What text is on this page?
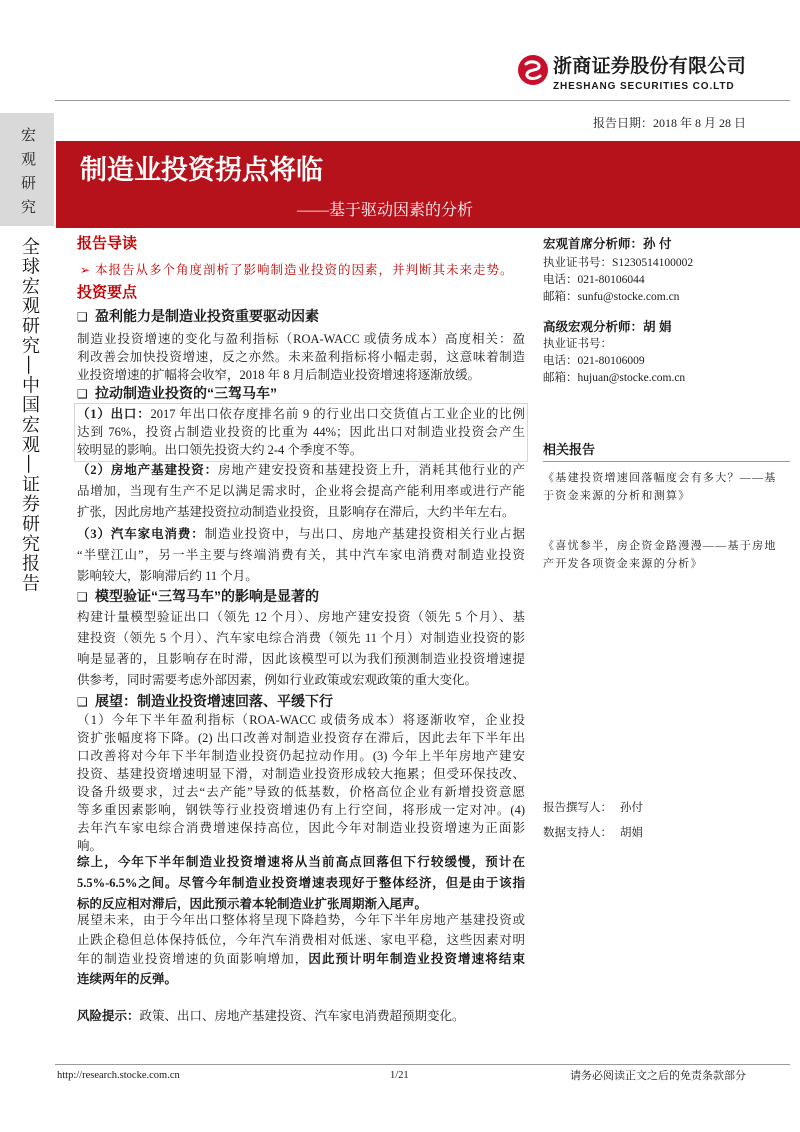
浙商证券股份有限公司
ZHESHANG SECURITIES CO.LTD
报告日期：2018 年 8 月 28 日
宏观研究
全球宏观研究—中国宏观—证券研究报告
制造业投资拐点将临
——基于驱动因素的分析
报告导读
➢ 本报告从多个角度剖析了影响制造业投资的因素，并判断其未来走势。
投资要点
❑ 盈利能力是制造业投资重要驱动因素
制造业投资增速的变化与盈利指标（ROA-WACC 或债务成本）高度相关：盈
利改善会加快投资增速，反之亦然。未来盈利指标将小幅走弱，这意味着制造
业投资增速的扩幅将会收窄，2018 年 8 月后制造业投资增速将逐渐放缓。
❑ 拉动制造业投资的“三驾马车”
（1）出口：2017 年出口依存度排名前 9 的行业出口交货值占工业企业的比例
达到 76%，投资占制造业投资的比重为 44%；因此出口对制造业投资会产生
较明显的影响。出口领先投资大约 2-4 个季度不等。
（2）房地产基建投资：房地产建安投资和基建投资上升，消耗其他行业的产
品增加，当现有生产不足以满足需求时，企业将会提高产能利用率或进行产能
扩张，因此房地产基建投资拉动制造业投资，且影响存在滞后，大约半年左右。
（3）汽车家电消费：制造业投资中，与出口、房地产基建投资相关行业占据
“半壁江山”，另一半主要与终端消费有关，其中汽车家电消费对制造业投资
影响较大，影响滞后约 11 个月。
❑ 模型验证“三驾马车”的影响是显著的
构建计量模型验证出口（领先 12 个月）、房地产建安投资（领先 5 个月）、基
建投资（领先 5 个月）、汽车家电综合消费（领先 11 个月）对制造业投资的影
响是显著的，且影响存在时滞，因此该模型可以为我们预测制造业投资增速提
供参考，同时需要考虑外部因素，例如行业政策或宏观政策的重大变化。
❑ 展望：制造业投资增速回落、平缓下行
（1）今年下半年盈利指标（ROA-WACC 或债务成本）将逐渐收窄，企业投
资扩张幅度将下降。(2) 出口改善对制造业投资存在滞后，因此去年下半年出
口改善将对今年下半年制造业投资仍起拉动作用。(3) 今年上半年房地产建安
投资、基建投资增速明显下滑，对制造业投资形成较大拖累；但受环保技改、
设备升级要求，过去“去产能”导致的低基数，价格高位企业有新增投资意愿
等多重因素影响，钢铁等行业投资增速仍有上行空间，将形成一定对冲。(4)
去年汽车家电综合消费增速保持高位，因此今年对制造业投资增速为正面影
响。
综上，今年下半年制造业投资增速将从当前高点回落但下行较缓慢，预计在
5.5%-6.5%之间。尽管今年制造业投资增速表现好于整体经济，但是由于该指
标的反应相对滞后，因此预示着本轮制造业扩张周期渐入尾声。
展望未来，由于今年出口整体将呈现下降趋势，今年下半年房地产基建投资或
止跌企稳但总体保持低位，今年汽车消费相对低迷、家电平稳，这些因素对明
年的制造业投资增速的负面影响增加，因此预计明年制造业投资增速将结束
连续两年的反弹。
风险提示：政策、出口、房地产基建投资、汽车家电消费超预期变化。
宏观首席分析师：孙 付
执业证书号：S1230514100002
电话：021-80106044
邮箱：sunfu@stocke.com.cn
高级宏观分析师：胡 娟
执业证书号：
电话：021-80106009
邮箱：hujuan@stocke.com.cn
相关报告
《基建投资增速回落幅度会有多大？——基
于资金来源的分析和测算》
《喜忧参半，房企资金路漫漫——基于房地
产开发各项资金来源的分析》
报告撰写人： 孙付
数据支持人： 胡娟
http://research.stocke.com.cn	1/21	请务必阅读正文之后的免责条款部分
